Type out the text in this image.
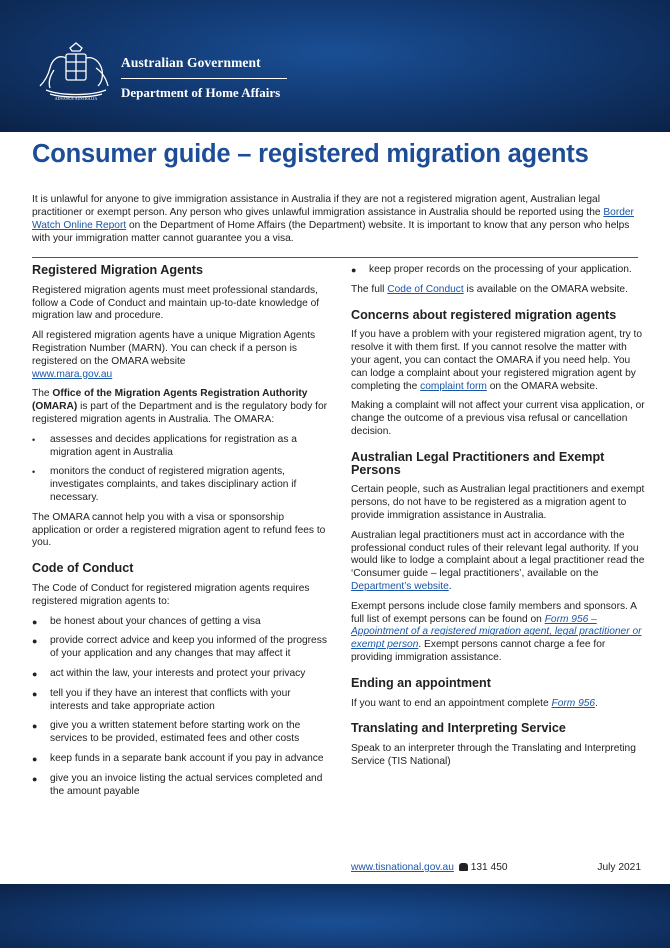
ADVANCE AUSTRALIA
Australian Government
Department of Home Affairs
Consumer guide – registered migration agents

It is unlawful for anyone to give immigration assistance in Australia if they are not a registered migration agent, Australian legal practitioner or exempt person. Any person who gives unlawful immigration assistance in Australia should be reported using the Border Watch Online Report on the Department of Home Affairs (the Department) website. It is important to know that any person who helps with your immigration matter cannot guarantee you a visa.

Registered Migration Agents

Registered migration agents must meet professional standards, follow a Code of Conduct and maintain up-to-date knowledge of migration law and procedure.

All registered migration agents have a unique Migration Agents Registration Number (MARN). You can check if a person is registered on the OMARA website
www.mara.gov.au

The Office of the Migration Agents Registration Authority (OMARA) is part of the Department and is the regulatory body for registered migration agents in Australia. The OMARA:

• assesses and decides applications for registration as a migration agent in Australia
• monitors the conduct of registered migration agents, investigates complaints, and takes disciplinary action if necessary.

The OMARA cannot help you with a visa or sponsorship application or order a registered migration agent to refund fees to you.

Code of Conduct

The Code of Conduct for registered migration agents requires registered migration agents to:

● be honest about your chances of getting a visa
● provide correct advice and keep you informed of the progress of your application and any changes that may affect it
● act within the law, your interests and protect your privacy
● tell you if they have an interest that conflicts with your interests and take appropriate action
● give you a written statement before starting work on the services to be provided, estimated fees and other costs
● keep funds in a separate bank account if you pay in advance
● give you an invoice listing the actual services completed and the amount payable
● keep proper records on the processing of your application.

The full Code of Conduct is available on the OMARA website.

Concerns about registered migration agents

If you have a problem with your registered migration agent, try to resolve it with them first. If you cannot resolve the matter with your agent, you can contact the OMARA if you need help. You can lodge a complaint about your registered migration agent by completing the complaint form on the OMARA website.

Making a complaint will not affect your current visa application, or change the outcome of a previous visa refusal or cancellation decision.

Australian Legal Practitioners and Exempt Persons

Certain people, such as Australian legal practitioners and exempt persons, do not have to be registered as a migration agent to provide immigration assistance in Australia.

Australian legal practitioners must act in accordance with the professional conduct rules of their relevant legal authority. If you would like to lodge a complaint about a legal practitioner read the ‘Consumer guide – legal practitioners’, available on the Department’s website.

Exempt persons include close family members and sponsors. A full list of exempt persons can be found on Form 956 – Appointment of a registered migration agent, legal practitioner or exempt person. Exempt persons cannot charge a fee for providing immigration assistance.

Ending an appointment

If you want to end an appointment complete Form 956.

Translating and Interpreting Service

Speak to an interpreter through the Translating and Interpreting Service (TIS National)

www.tisnational.gov.au 131 450	July 2021
